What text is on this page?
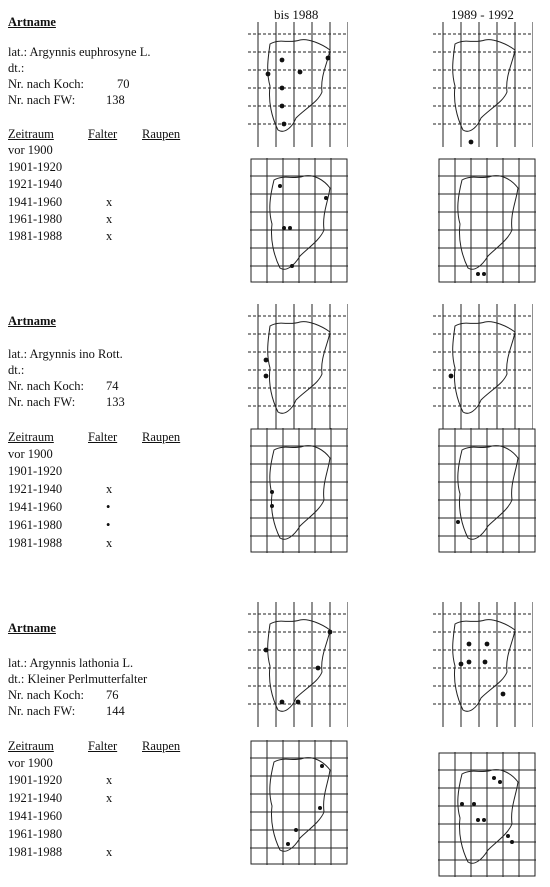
bis 1988	1989 - 1992
Artname
lat.: Argynnis euphrosyne L.
dt.:
Nr. nach Koch:	70
Nr. nach FW: 138
Zeitraum	Falter Raupen
vor 1900
1901-1920
1921-1940
1941-1960	x
1961-1980	x
1981-1988	x
Artname
lat.: Argynnis ino Rott.
dt.:
Nr. nach Koch: 74
Nr. nach FW: 133
Zeitraum	Falter Raupen
vor 1900
1901-1920
1921-1940	x
1941-1960	•
1961-1980	•
1981-1988	x
Artname
lat.: Argynnis lathonia L.
dt.: Kleiner Perlmutterfalter
Nr. nach Koch: 76
Nr. nach FW: 144
Zeitraum	Falter Raupen
vor 1900
1901-1920	x
1921-1940	x
1941-1960
1961-1980
1981-1988	x
